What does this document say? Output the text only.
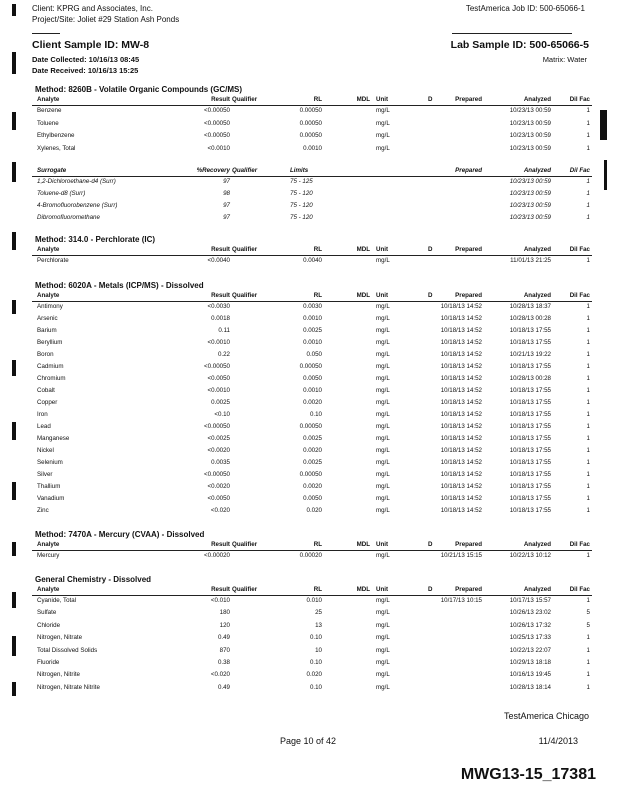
Client: KPRG and Associates, Inc.
Project/Site: Joliet #29 Station Ash Ponds
TestAmerica Job ID: 500-65066-1
Client Sample ID: MW-8	Lab Sample ID: 500-65066-5
Date Collected: 10/16/13 08:45
Date Received: 10/16/13 15:25
Matrix: Water
Method: 8260B - Volatile Organic Compounds (GC/MS)
Analyte	Result Qualifier	RL	MDL Unit	D	Prepared	Analyzed	Dil Fac
Benzene	<0.00050	0.00050	mg/L	10/23/13 00:59	1
Toluene	<0.00050	0.00050	mg/L	10/23/13 00:59	1
Ethylbenzene	<0.00050	0.00050	mg/L	10/23/13 00:59	1
Xylenes, Total	<0.0010	0.0010	mg/L	10/23/13 00:59	1
Surrogate	%Recovery Qualifier	Limits	Prepared	Analyzed	Dil Fac
1,2-Dichloroethane-d4 (Surr)	97	75 - 125	10/23/13 00:59	1
Toluene-d8 (Surr)	98	75 - 120	10/23/13 00:59	1
4-Bromofluorobenzene (Surr)	97	75 - 120	10/23/13 00:59	1
Dibromofluoromethane	97	75 - 120	10/23/13 00:59	1
Method: 314.0 - Perchlorate (IC)
Analyte	Result Qualifier	RL	MDL Unit	D	Prepared	Analyzed	Dil Fac
Perchlorate	<0.0040	0.0040	mg/L	11/01/13 21:25	1
Method: 6020A - Metals (ICP/MS) - Dissolved
Analyte	Result Qualifier	RL	MDL Unit	D	Prepared	Analyzed	Dil Fac
Antimony	<0.0030	0.0030	mg/L	10/18/13 14:52	10/28/13 18:37	1
Arsenic	0.0018	0.0010	mg/L	10/18/13 14:52	10/28/13 00:28	1
Barium	0.11	0.0025	mg/L	10/18/13 14:52	10/18/13 17:55	1
Beryllium	<0.0010	0.0010	mg/L	10/18/13 14:52	10/18/13 17:55	1
Boron	0.22	0.050	mg/L	10/18/13 14:52	10/21/13 19:22	1
Cadmium	<0.00050	0.00050	mg/L	10/18/13 14:52	10/18/13 17:55	1
Chromium	<0.0050	0.0050	mg/L	10/18/13 14:52	10/28/13 00:28	1
Cobalt	<0.0010	0.0010	mg/L	10/18/13 14:52	10/18/13 17:55	1
Copper	0.0025	0.0020	mg/L	10/18/13 14:52	10/18/13 17:55	1
Iron	<0.10	0.10	mg/L	10/18/13 14:52	10/18/13 17:55	1
Lead	<0.00050	0.00050	mg/L	10/18/13 14:52	10/18/13 17:55	1
Manganese	<0.0025	0.0025	mg/L	10/18/13 14:52	10/18/13 17:55	1
Nickel	<0.0020	0.0020	mg/L	10/18/13 14:52	10/18/13 17:55	1
Selenium	0.0035	0.0025	mg/L	10/18/13 14:52	10/18/13 17:55	1
Silver	<0.00050	0.00050	mg/L	10/18/13 14:52	10/18/13 17:55	1
Thallium	<0.0020	0.0020	mg/L	10/18/13 14:52	10/18/13 17:55	1
Vanadium	<0.0050	0.0050	mg/L	10/18/13 14:52	10/18/13 17:55	1
Zinc	<0.020	0.020	mg/L	10/18/13 14:52	10/18/13 17:55	1
Method: 7470A - Mercury (CVAA) - Dissolved
Analyte	Result Qualifier	RL	MDL Unit	D	Prepared	Analyzed	Dil Fac
Mercury	<0.00020	0.00020	mg/L	10/21/13 15:15	10/22/13 10:12	1
General Chemistry - Dissolved
Analyte	Result Qualifier	RL	MDL Unit	D	Prepared	Analyzed	Dil Fac
Cyanide, Total	<0.010	0.010	mg/L	10/17/13 10:15	10/17/13 15:57	1
Sulfate	180	25	mg/L	10/26/13 23:02	5
Chloride	120	13	mg/L	10/26/13 17:32	5
Nitrogen, Nitrate	0.49	0.10	mg/L	10/25/13 17:33	1
Total Dissolved Solids	870	10	mg/L	10/22/13 22:07	1
Fluoride	0.38	0.10	mg/L	10/29/13 18:18	1
Nitrogen, Nitrite	<0.020	0.020	mg/L	10/16/13 19:45	1
Nitrogen, Nitrate Nitrite	0.49	0.10	mg/L	10/28/13 18:14	1
TestAmerica Chicago
Page 10 of 42	11/4/2013
MWG13-15_17381
